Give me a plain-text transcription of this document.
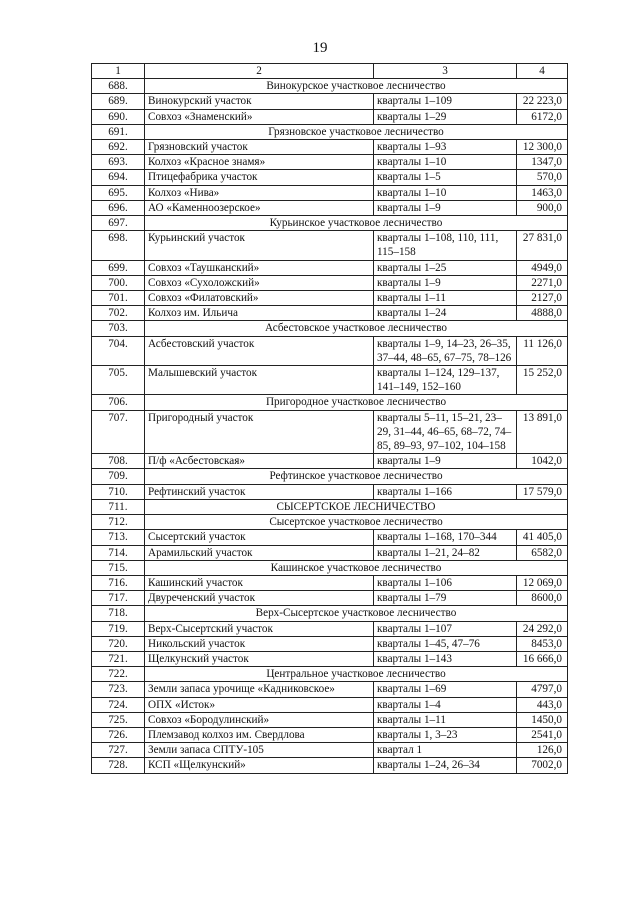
19
1	2	3	4
688.	Винокурское участковое лесничество		
689.	Винокурский участок	кварталы 1–109	22 223,0
690.	Совхоз «Знаменский»	кварталы 1–29	6172,0
691.	Грязновское участковое лесничество		
692.	Грязновский участок	кварталы 1–93	12 300,0
693.	Колхоз «Красное знамя»	кварталы 1–10	1347,0
694.	Птицефабрика участок	кварталы 1–5	570,0
695.	Колхоз «Нива»	кварталы 1–10	1463,0
696.	АО «Каменноозерское»	кварталы 1–9	900,0
697.	Курьинское участковое лесничество		
698.	Курьинский участок	кварталы 1–108, 110, 111, 115–158	27 831,0
699.	Совхоз «Таушканский»	кварталы 1–25	4949,0
700.	Совхоз «Сухоложский»	кварталы 1–9	2271,0
701.	Совхоз «Филатовский»	кварталы 1–11	2127,0
702.	Колхоз им. Ильича	кварталы 1–24	4888,0
703.	Асбестовское участковое лесничество		
704.	Асбестовский участок	кварталы 1–9, 14–23, 26–35, 37–44, 48–65, 67–75, 78–126	11 126,0
705.	Малышевский участок	кварталы 1–124, 129–137, 141–149, 152–160	15 252,0
706.	Пригородное участковое лесничество		
707.	Пригородный участок	кварталы 5–11, 15–21, 23–29, 31–44, 46–65, 68–72, 74–85, 89–93, 97–102, 104–158	13 891,0
708.	П/ф «Асбестовская»	кварталы 1–9	1042,0
709.	Рефтинское участковое лесничество		
710.	Рефтинский участок	кварталы 1–166	17 579,0
711.	СЫСЕРТСКОЕ ЛЕСНИЧЕСТВО		
712.	Сысертское участковое лесничество		
713.	Сысертский участок	кварталы 1–168, 170–344	41 405,0
714.	Арамильский участок	кварталы 1–21, 24–82	6582,0
715.	Кашинское участковое лесничество		
716.	Кашинский участок	кварталы 1–106	12 069,0
717.	Двуреченский участок	кварталы 1–79	8600,0
718.	Верх-Сысертское участковое лесничество		
719.	Верх-Сысертский участок	кварталы 1–107	24 292,0
720.	Никольский участок	кварталы 1–45, 47–76	8453,0
721.	Щелкунский участок	кварталы 1–143	16 666,0
722.	Центральное участковое лесничество		
723.	Земли запаса урочище «Кадниковское»	кварталы 1–69	4797,0
724.	ОПХ «Исток»	кварталы 1–4	443,0
725.	Совхоз «Бородулинский»	кварталы 1–11	1450,0
726.	Племзавод колхоз им. Свердлова	кварталы 1, 3–23	2541,0
727.	Земли запаса СПТУ-105	квартал 1	126,0
728.	КСП «Щелкунский»	кварталы 1–24, 26–34	7002,0
